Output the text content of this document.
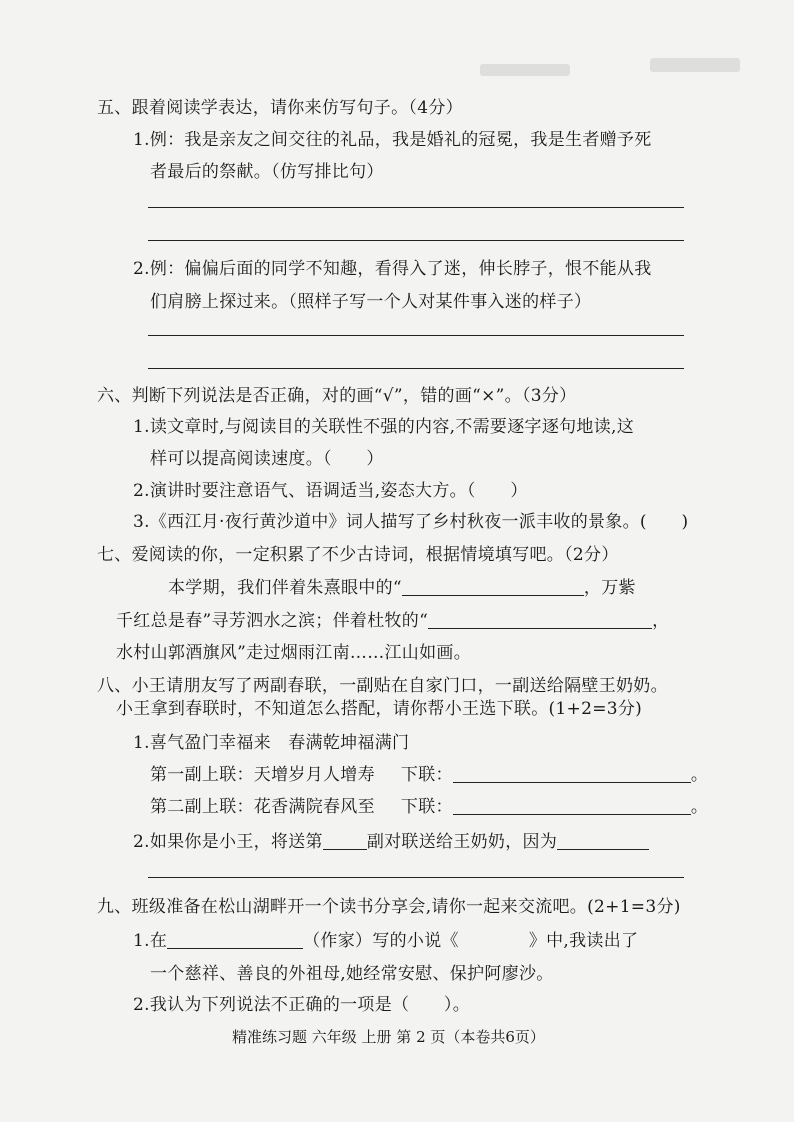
五、跟着阅读学表达，请你来仿写句子。（4分）
1.例：我是亲友之间交往的礼品，我是婚礼的冠冕，我是生者赠予死
者最后的祭献。（仿写排比句）
2.例：偏偏后面的同学不知趣，看得入了迷，伸长脖子，恨不能从我
们肩膀上探过来。（照样子写一个人对某件事入迷的样子）
六、判断下列说法是否正确，对的画“√”，错的画“×”。（3分）
1.读文章时,与阅读目的关联性不强的内容,不需要逐字逐句地读,这
样可以提高阅读速度。（　　）
2.演讲时要注意语气、语调适当,姿态大方。（　　）
3.《西江月·夜行黄沙道中》词人描写了乡村秋夜一派丰收的景象。(　　)
七、爱阅读的你，一定积累了不少古诗词，根据情境填写吧。（2分）
本学期，我们伴着朱熹眼中的“	，万紫
千红总是春”寻芳泗水之滨；伴着杜牧的“	，
水村山郭酒旗风”走过烟雨江南……江山如画。
八、小王请朋友写了两副春联，一副贴在自家门口，一副送给隔壁王奶奶。
小王拿到春联时，不知道怎么搭配，请你帮小王选下联。(1+2=3分)
1.喜气盈门幸福来　春满乾坤福满门
第一副上联：天增岁月人增寿 下联：	。
第二副上联：花香满院春风至 下联：	。
2.如果你是小王，将送第	副对联送给王奶奶，因为
九、班级准备在松山湖畔开一个读书分享会,请你一起来交流吧。(2+1=3分)
1.在	（作家）写的小说《	》中,我读出了
一个慈祥、善良的外祖母,她经常安慰、保护阿廖沙。
2.我认为下列说法不正确的一项是（　　）。
精准练习题 六年级 上册 第 2 页（本卷共6页）
